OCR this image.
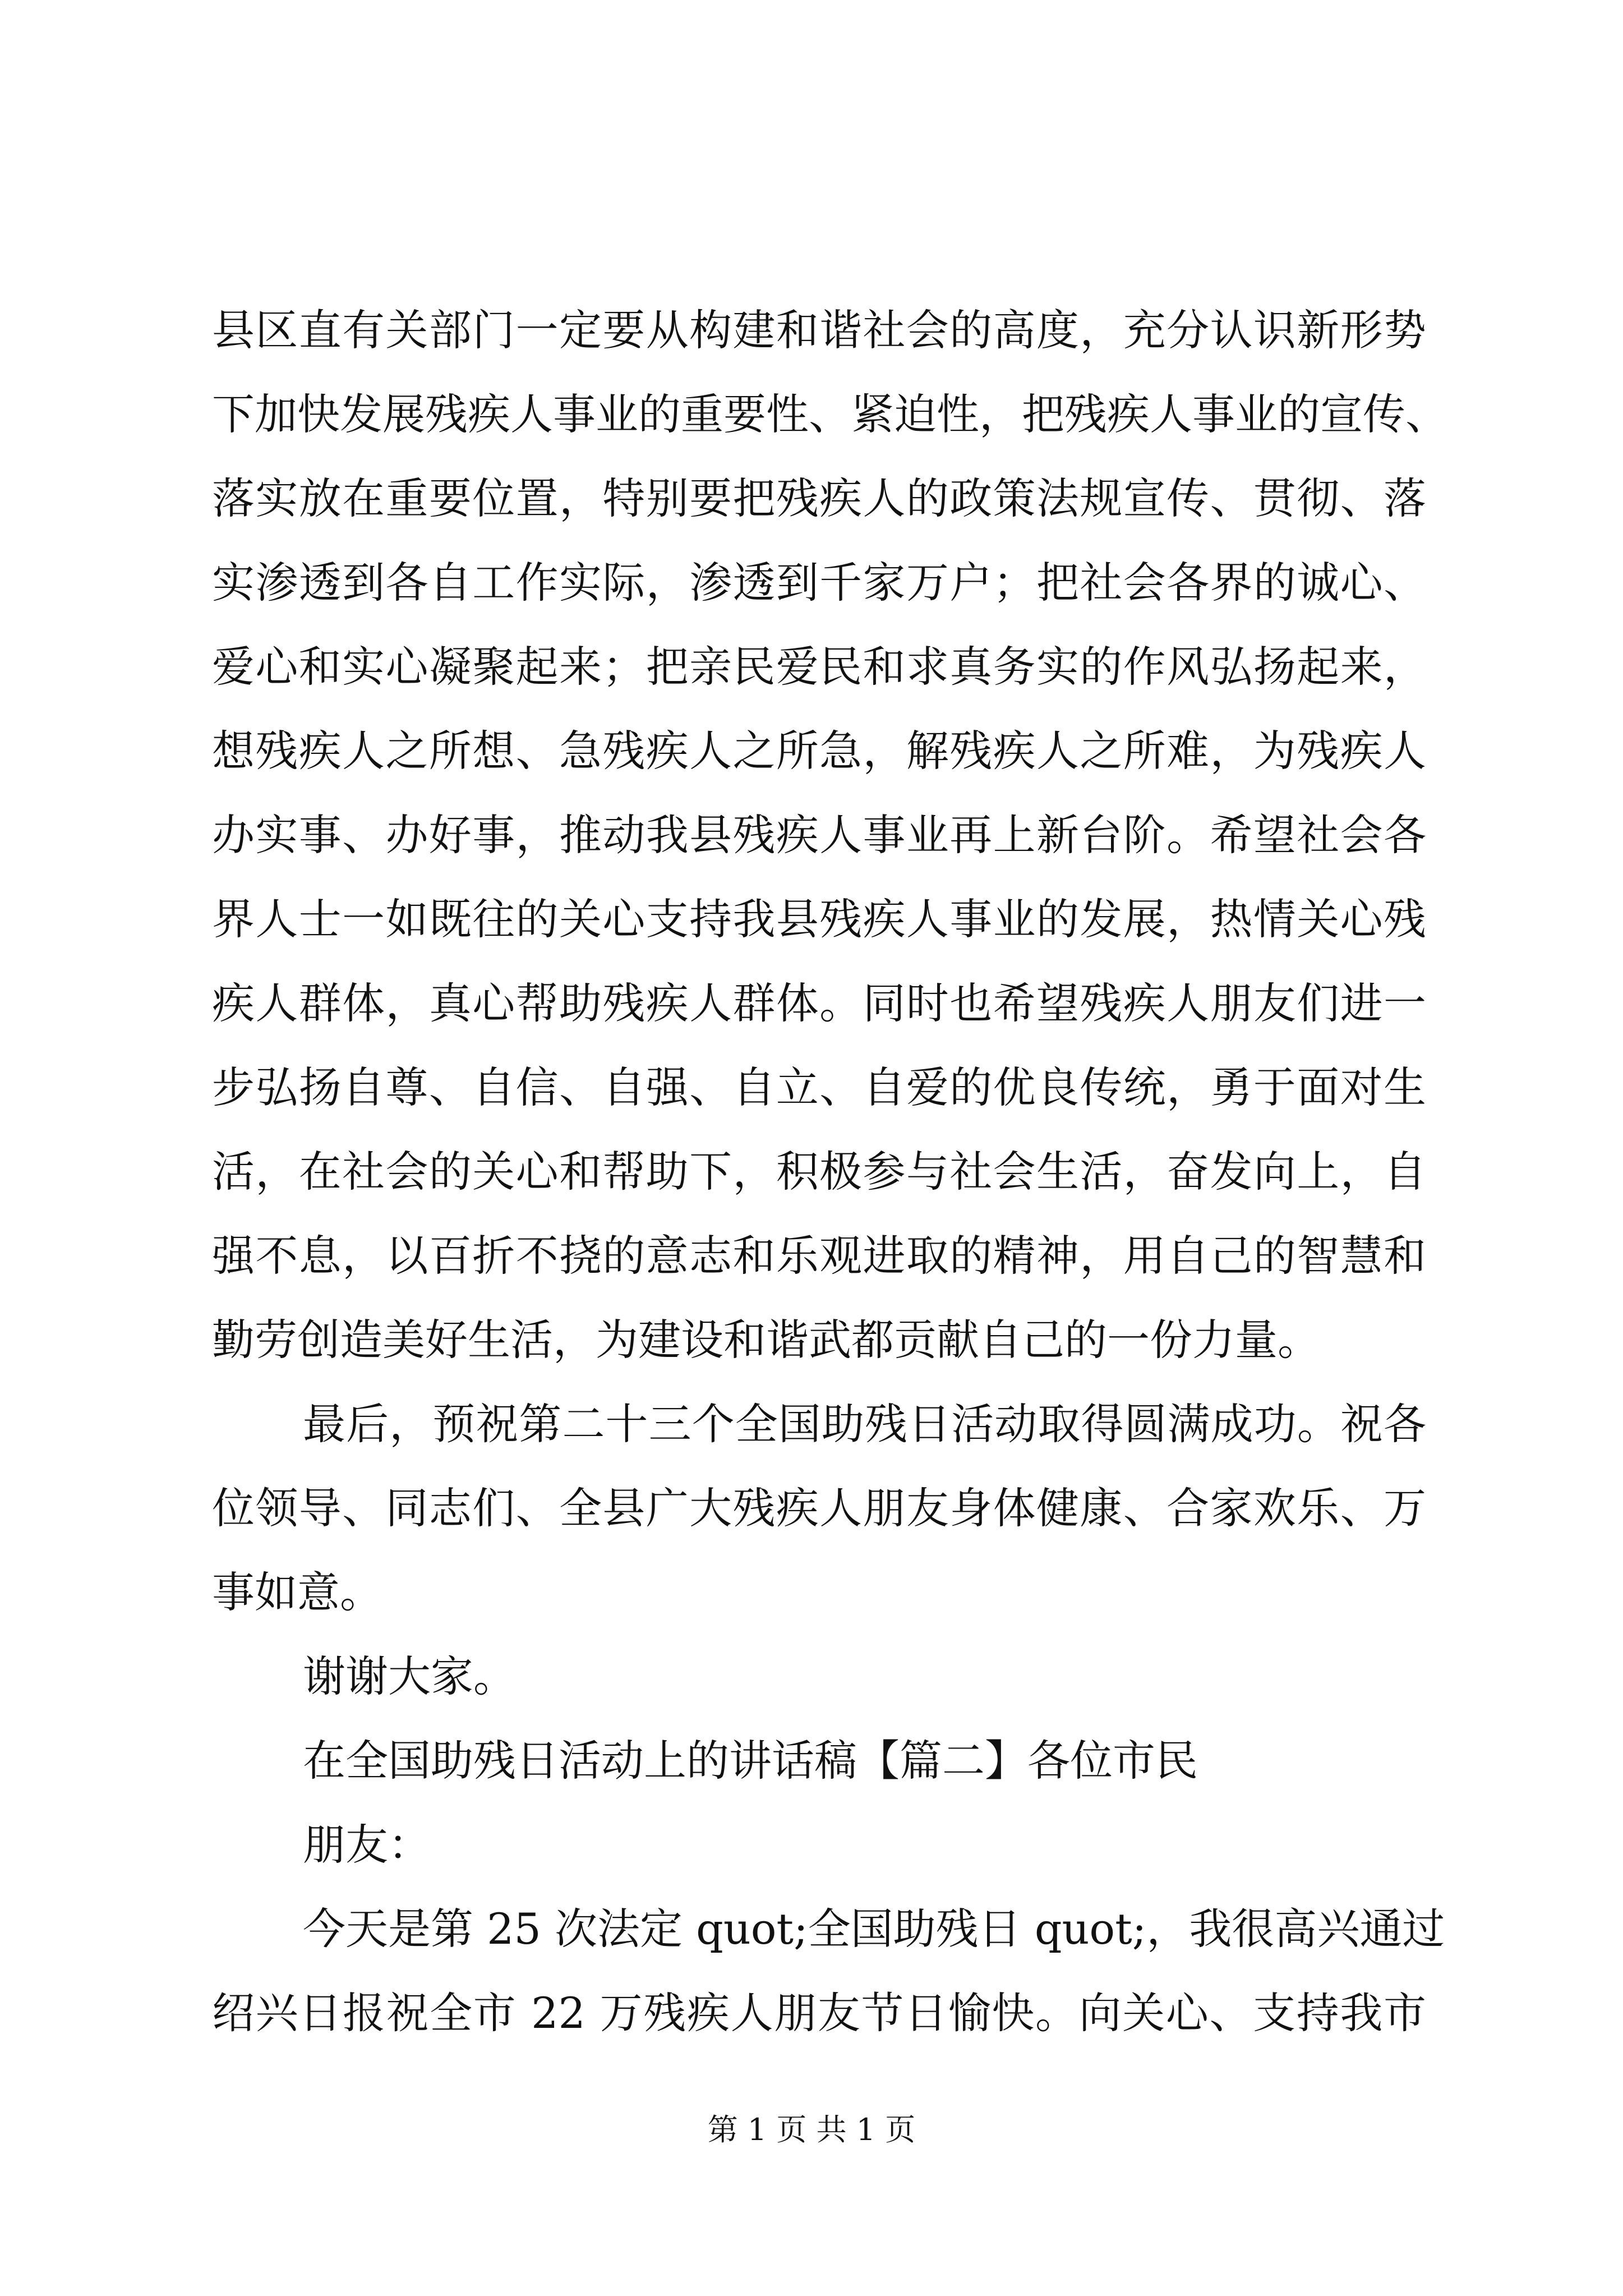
县区直有关部门一定要从构建和谐社会的高度，充分认识新形势
下加快发展残疾人事业的重要性、紧迫性，把残疾人事业的宣传、
落实放在重要位置，特别要把残疾人的政策法规宣传、贯彻、落
实渗透到各自工作实际，渗透到千家万户；把社会各界的诚心、
爱心和实心凝聚起来；把亲民爱民和求真务实的作风弘扬起来，
想残疾人之所想、急残疾人之所急，解残疾人之所难，为残疾人
办实事、办好事，推动我县残疾人事业再上新台阶。希望社会各
界人士一如既往的关心支持我县残疾人事业的发展，热情关心残
疾人群体，真心帮助残疾人群体。同时也希望残疾人朋友们进一
步弘扬自尊、自信、自强、自立、自爱的优良传统，勇于面对生
活，在社会的关心和帮助下，积极参与社会生活，奋发向上，自
强不息，以百折不挠的意志和乐观进取的精神，用自己的智慧和
勤劳创造美好生活，为建设和谐武都贡献自己的一份力量。
最后，预祝第二十三个全国助残日活动取得圆满成功。祝各
位领导、同志们、全县广大残疾人朋友身体健康、合家欢乐、万
事如意。
谢谢大家。
在全国助残日活动上的讲话稿【篇二】各位市民
朋友：
今天是第 25 次法定 quot;全国助残日 quot;，我很高兴通过
绍兴日报祝全市 22 万残疾人朋友节日愉快。向关心、支持我市
第 1 页 共 1 页
